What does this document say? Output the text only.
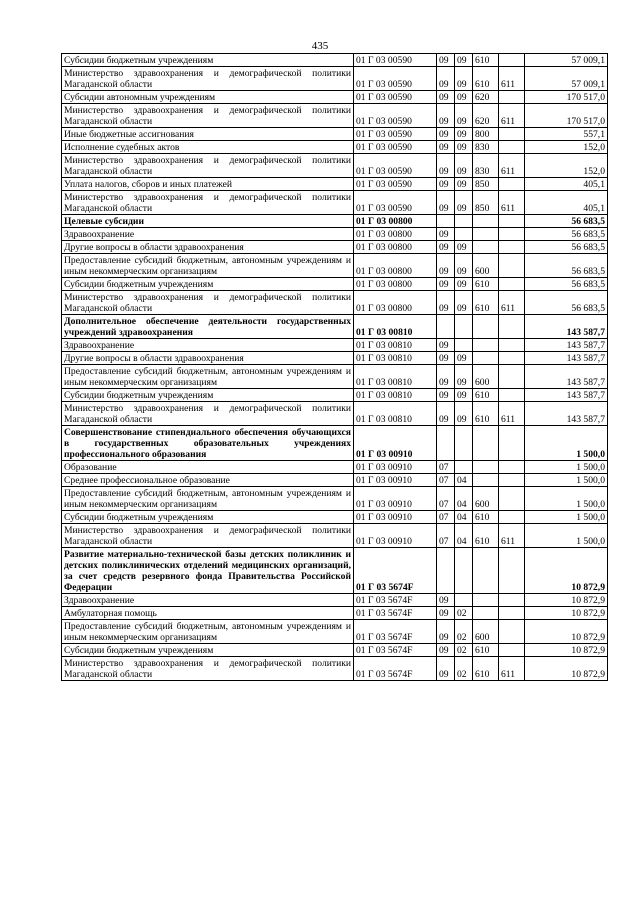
435
Субсидии бюджетным учреждениям	01 Г 03 00590	09	09	610		57 009,1
Министерство здравоохранения и демографической политики Магаданской области	01 Г 03 00590	09	09	610	611	57 009,1
Субсидии автономным учреждениям	01 Г 03 00590	09	09	620		170 517,0
Министерство здравоохранения и демографической политики Магаданской области	01 Г 03 00590	09	09	620	611	170 517,0
Иные бюджетные ассигнования	01 Г 03 00590	09	09	800		557,1
Исполнение судебных актов	01 Г 03 00590	09	09	830		152,0
Министерство здравоохранения и демографической политики Магаданской области	01 Г 03 00590	09	09	830	611	152,0
Уплата налогов, сборов и иных платежей	01 Г 03 00590	09	09	850		405,1
Министерство здравоохранения и демографической политики Магаданской области	01 Г 03 00590	09	09	850	611	405,1
Целевые субсидии	01 Г 03 00800					56 683,5
Здравоохранение	01 Г 03 00800	09				56 683,5
Другие вопросы в области здравоохранения	01 Г 03 00800	09	09			56 683,5
Предоставление субсидий бюджетным, автономным учреждениям и иным некоммерческим организациям	01 Г 03 00800	09	09	600		56 683,5
Субсидии бюджетным учреждениям	01 Г 03 00800	09	09	610		56 683,5
Министерство здравоохранения и демографической политики Магаданской области	01 Г 03 00800	09	09	610	611	56 683,5
Дополнительное обеспечение деятельности государственных учреждений здравоохранения	01 Г 03 00810					143 587,7
Здравоохранение	01 Г 03 00810	09				143 587,7
Другие вопросы в области здравоохранения	01 Г 03 00810	09	09			143 587,7
Предоставление субсидий бюджетным, автономным учреждениям и иным некоммерческим организациям	01 Г 03 00810	09	09	600		143 587,7
Субсидии бюджетным учреждениям	01 Г 03 00810	09	09	610		143 587,7
Министерство здравоохранения и демографической политики Магаданской области	01 Г 03 00810	09	09	610	611	143 587,7
Совершенствование стипендиального обеспечения обучающихся в государственных образовательных учреждениях профессионального образования	01 Г 03 00910					1 500,0
Образование	01 Г 03 00910	07				1 500,0
Среднее профессиональное образование	01 Г 03 00910	07	04			1 500,0
Предоставление субсидий бюджетным, автономным учреждениям и иным некоммерческим организациям	01 Г 03 00910	07	04	600		1 500,0
Субсидии бюджетным учреждениям	01 Г 03 00910	07	04	610		1 500,0
Министерство здравоохранения и демографической политики Магаданской области	01 Г 03 00910	07	04	610	611	1 500,0
Развитие материально-технической базы детских поликлиник и детских поликлинических отделений медицинских организаций, за счет средств резервного фонда Правительства Российской Федерации	01 Г 03 5674F					10 872,9
Здравоохранение	01 Г 03 5674F	09				10 872,9
Амбулаторная помощь	01 Г 03 5674F	09	02			10 872,9
Предоставление субсидий бюджетным, автономным учреждениям и иным некоммерческим организациям	01 Г 03 5674F	09	02	600		10 872,9
Субсидии бюджетным учреждениям	01 Г 03 5674F	09	02	610		10 872,9
Министерство здравоохранения и демографической политики Магаданской области	01 Г 03 5674F	09	02	610	611	10 872,9
